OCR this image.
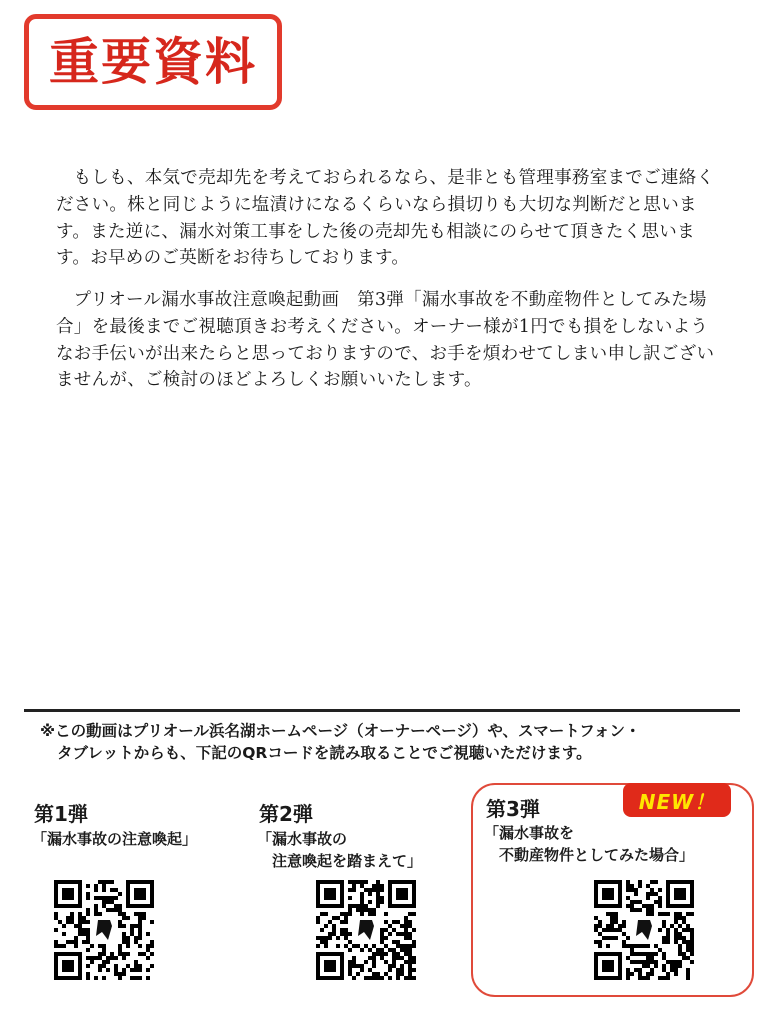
重要資料

もしも、本気で売却先を考えておられるなら、是非とも管理事務室までご連絡ください。株と同じように塩漬けになるくらいなら損切りも大切な判断だと思います。また逆に、漏水対策工事をした後の売却先も相談にのらせて頂きたく思います。お早めのご英断をお待ちしております。

プリオール漏水事故注意喚起動画　第3弾「漏水事故を不動産物件としてみた場合」を最後までご視聴頂きお考えください。オーナー様が1円でも損をしないようなお手伝いが出来たらと思っておりますので、お手を煩わせてしまい申し訳ございませんが、ご検討のほどよろしくお願いいたします。

※この動画はプリオール浜名湖ホームページ（オーナーページ）や、スマートフォン・
タブレットからも、下記のQRコードを読み取ることでご視聴いただけます。
NEW！
第1弾
「漏水事故の注意喚起」
第2弾
「漏水事故の
　注意喚起を踏まえて」
第3弾
「漏水事故を
　不動産物件としてみた場合」
